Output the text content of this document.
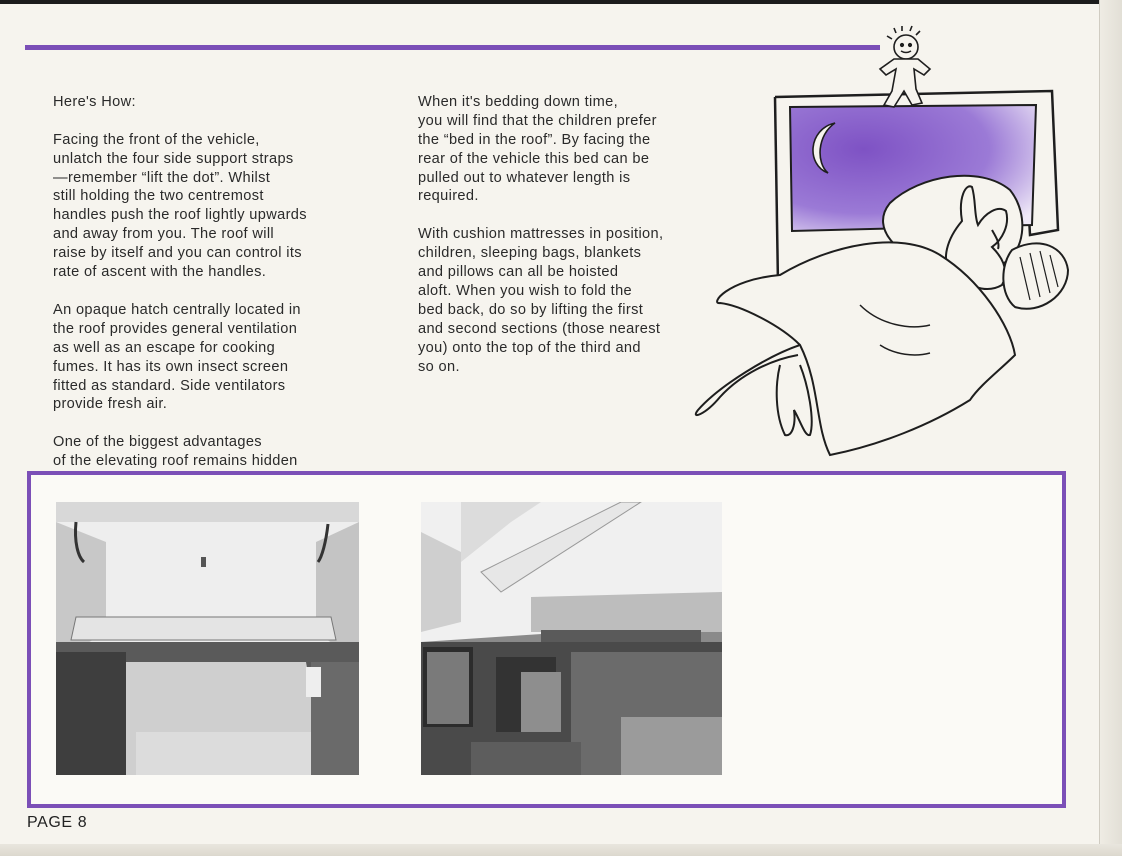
Here's How:

Facing the front of the vehicle,
unlatch the four side support straps
—remember “lift the dot”. Whilst
still holding the two centremost
handles push the roof lightly upwards
and away from you. The roof will
raise by itself and you can control its
rate of ascent with the handles.

An opaque hatch centrally located in
the roof provides general ventilation
as well as an escape for cooking
fumes. It has its own insect screen
fitted as standard. Side ventilators
provide fresh air.

One of the biggest advantages
of the elevating roof remains hidden

When it's bedding down time,
you will find that the children prefer
the “bed in the roof”. By facing the
rear of the vehicle this bed can be
pulled out to whatever length is
required.

With cushion mattresses in position,
children, sleeping bags, blankets
and pillows can all be hoisted
aloft. When you wish to fold the
bed back, do so by lifting the first
and second sections (those nearest
you) onto the top of the third and
so on.

PAGE 8
